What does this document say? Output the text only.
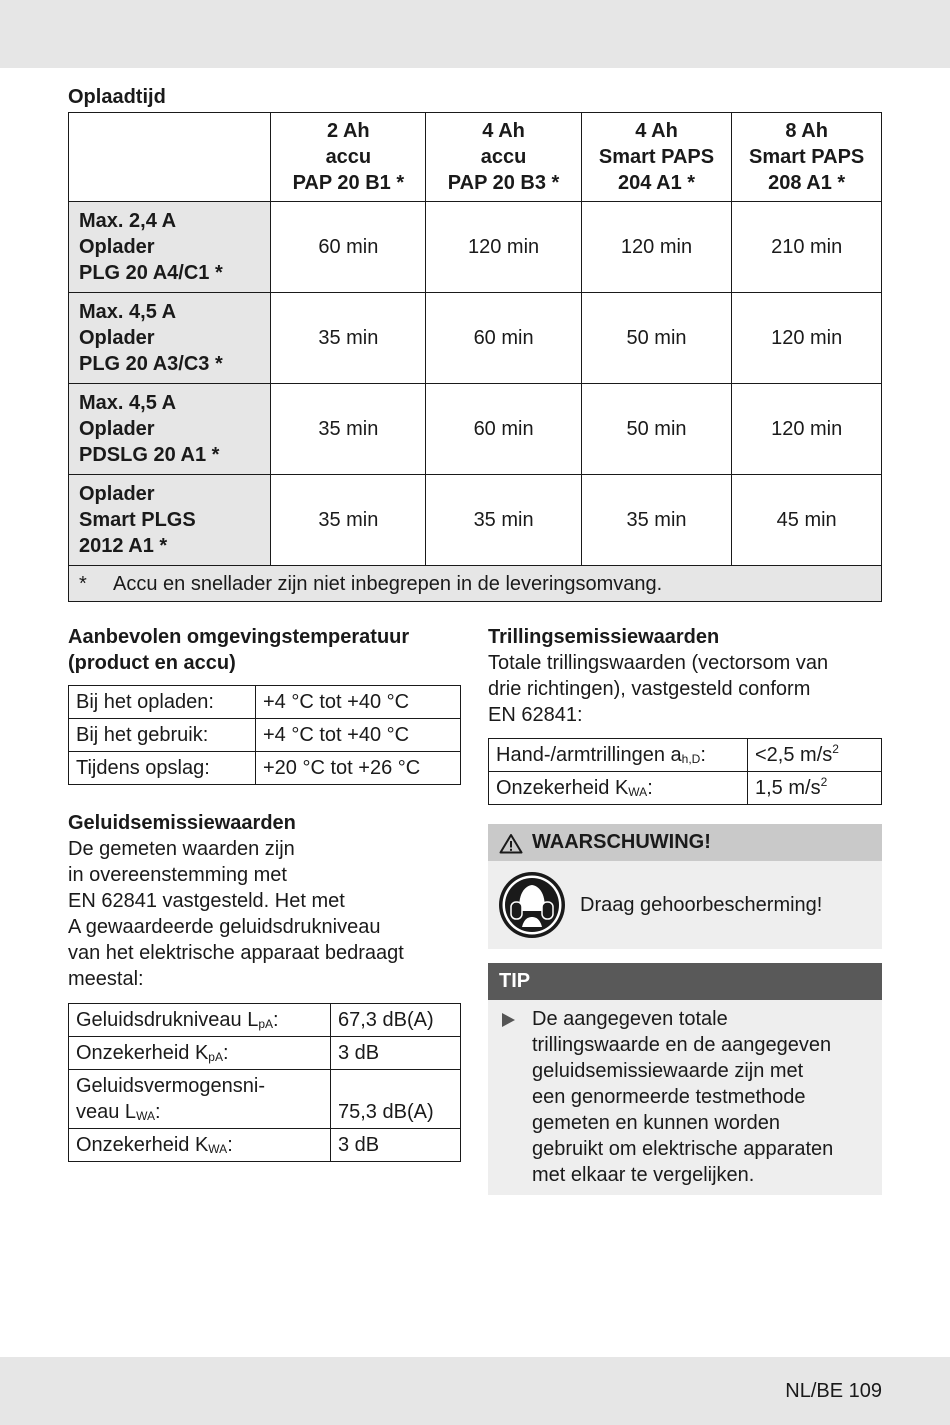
Oplaadtijd
	2 Ah
accu
PAP 20 B1 *	4 Ah
accu
PAP 20 B3 *	4 Ah
Smart PAPS
204 A1 *	8 Ah
Smart PAPS
208 A1 *
Max. 2,4 A
Oplader
PLG 20 A4/C1 *	60 min	120 min	120 min	210 min
Max. 4,5 A
Oplader
PLG 20 A3/C3 *	35 min	60 min	50 min	120 min
Max. 4,5 A
Oplader
PDSLG 20 A1 *	35 min	60 min	50 min	120 min
Oplader
Smart PLGS
2012 A1 *	35 min	35 min	35 min	45 min
* Accu en snellader zijn niet inbegrepen in de leveringsomvang.				
Aanbevolen omgevingstemperatuur
(product en accu)
Bij het opladen:	+4 °C tot +40 °C
Bij het gebruik:	+4 °C tot +40 °C
Tijdens opslag:	+20 °C tot +26 °C
Geluidsemissiewaarden
De gemeten waarden zijn
in overeenstemming met
EN 62841 vastgesteld. Het met
A gewaardeerde geluidsdrukniveau
van het elektrische apparaat bedraagt
meestal:
Geluidsdrukniveau $L_{pA}$:	67,3 dB(A)
Onzekerheid $K_{pA}$:	3 dB
Geluidsvermogensni-
veau $L_{WA}$:	75,3 dB(A)
Onzekerheid $K_{WA}$:	3 dB
Trillingsemissiewaarden
Totale trillingswaarden (vectorsom van
drie richtingen), vastgesteld conform
EN 62841:
Hand-/armtrillingen $a_{h,D}$:	<2,5 $m/s^2$
Onzekerheid $K_{WA}$:	1,5 $m/s^2$
WAARSCHUWING!
Draag gehoorbescherming!
TIP
De aangegeven totale
trillingswaarde en de aangegeven
geluidsemissiewaarde zijn met
een genormeerde testmethode
gemeten en kunnen worden
gebruikt om elektrische apparaten
met elkaar te vergelijken.
NL/BE 109
